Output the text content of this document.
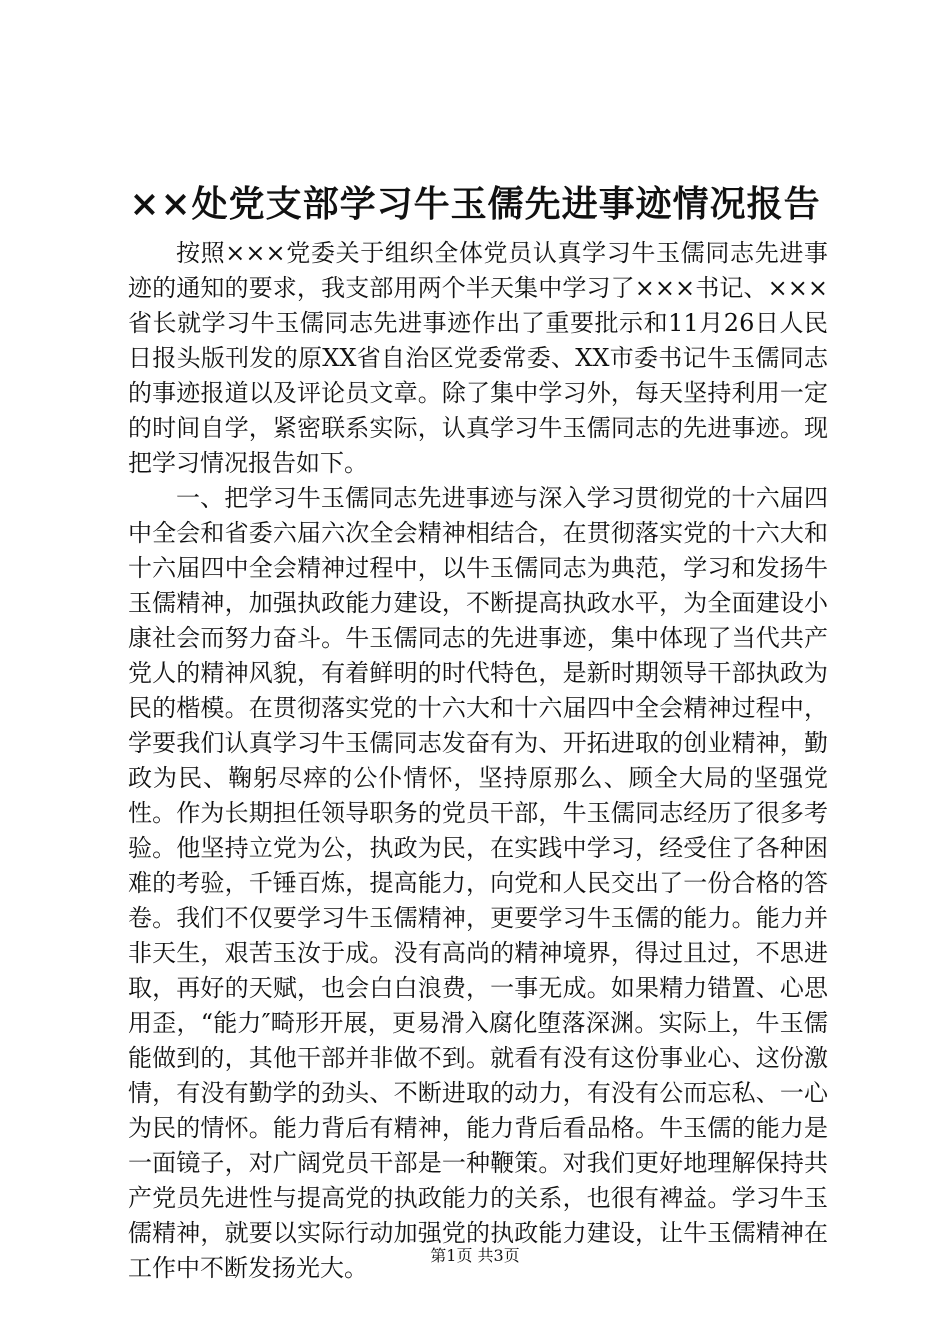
××处党支部学习牛玉儒先进事迹情况报告

按照×××党委关于组织全体党员认真学习牛玉儒同志先进事迹的通知的要求，我支部用两个半天集中学习了×××书记、×××省长就学习牛玉儒同志先进事迹作出了重要批示和11月26日人民日报头版刊发的原XX省自治区党委常委、XX市委书记牛玉儒同志的事迹报道以及评论员文章。除了集中学习外，每天坚持利用一定的时间自学，紧密联系实际，认真学习牛玉儒同志的先进事迹。现把学习情况报告如下。

一、把学习牛玉儒同志先进事迹与深入学习贯彻党的十六届四中全会和省委六届六次全会精神相结合，在贯彻落实党的十六大和十六届四中全会精神过程中，以牛玉儒同志为典范，学习和发扬牛玉儒精神，加强执政能力建设，不断提高执政水平，为全面建设小康社会而努力奋斗。牛玉儒同志的先进事迹，集中体现了当代共产党人的精神风貌，有着鲜明的时代特色，是新时期领导干部执政为民的楷模。在贯彻落实党的十六大和十六届四中全会精神过程中，学要我们认真学习牛玉儒同志发奋有为、开拓进取的创业精神，勤政为民、鞠躬尽瘁的公仆情怀，坚持原那么、顾全大局的坚强党性。作为长期担任领导职务的党员干部，牛玉儒同志经历了很多考验。他坚持立党为公，执政为民，在实践中学习，经受住了各种困难的考验，千锤百炼，提高能力，向党和人民交出了一份合格的答卷。我们不仅要学习牛玉儒精神，更要学习牛玉儒的能力。能力并非天生，艰苦玉汝于成。没有高尚的精神境界，得过且过，不思进取，再好的天赋，也会白白浪费，一事无成。如果精力错置、心思用歪，“能力″畸形开展，更易滑入腐化堕落深渊。实际上，牛玉儒能做到的，其他干部并非做不到。就看有没有这份事业心、这份激情，有没有勤学的劲头、不断进取的动力，有没有公而忘私、一心为民的情怀。能力背后有精神，能力背后看品格。牛玉儒的能力是一面镜子，对广阔党员干部是一种鞭策。对我们更好地理解保持共产党员先进性与提高党的执政能力的关系，也很有裨益。学习牛玉儒精神，就要以实际行动加强党的执政能力建设，让牛玉儒精神在工作中不断发扬光大。	第1页 共3页
